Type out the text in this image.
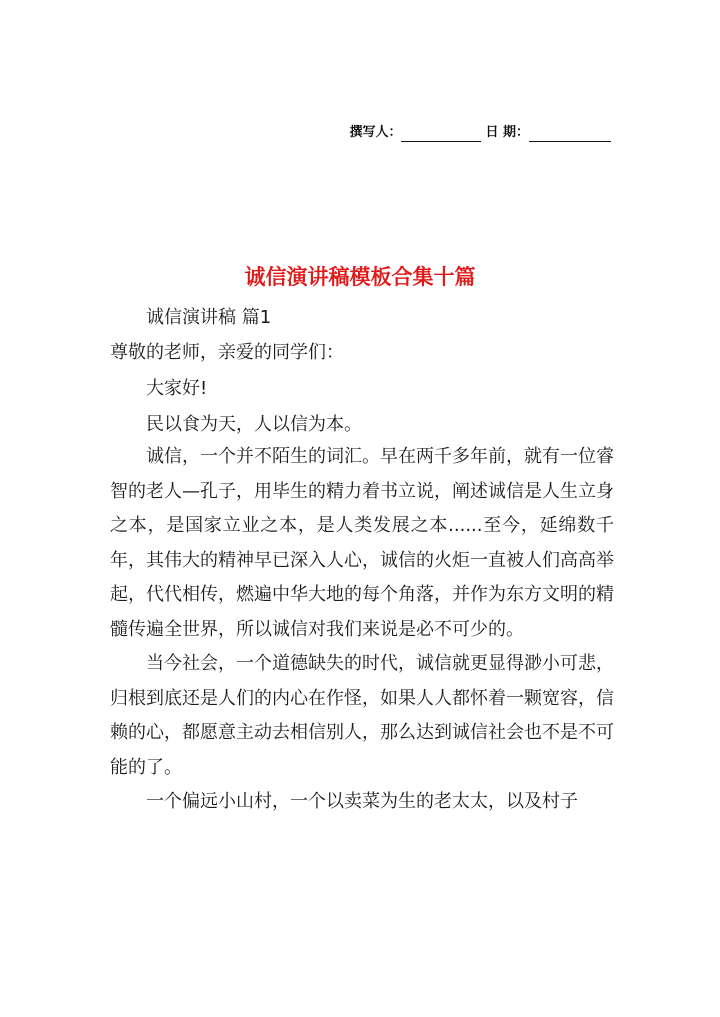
撰写人：	日 期：
诚信演讲稿模板合集十篇

诚信演讲稿 篇1

尊敬的老师，亲爱的同学们：

大家好!

民以食为天，人以信为本。

诚信，一个并不陌生的词汇。早在两千多年前，就有一位睿智的老人—孔子，用毕生的精力着书立说，阐述诚信是人生立身之本，是国家立业之本，是人类发展之本......至今，延绵数千年，其伟大的精神早已深入人心，诚信的火炬一直被人们高高举起，代代相传，燃遍中华大地的每个角落，并作为东方文明的精髓传遍全世界，所以诚信对我们来说是必不可少的。

当今社会，一个道德缺失的时代，诚信就更显得渺小可悲，归根到底还是人们的内心在作怪，如果人人都怀着一颗宽容，信赖的心，都愿意主动去相信别人，那么达到诚信社会也不是不可能的了。

一个偏远小山村，一个以卖菜为生的老太太，以及村子
